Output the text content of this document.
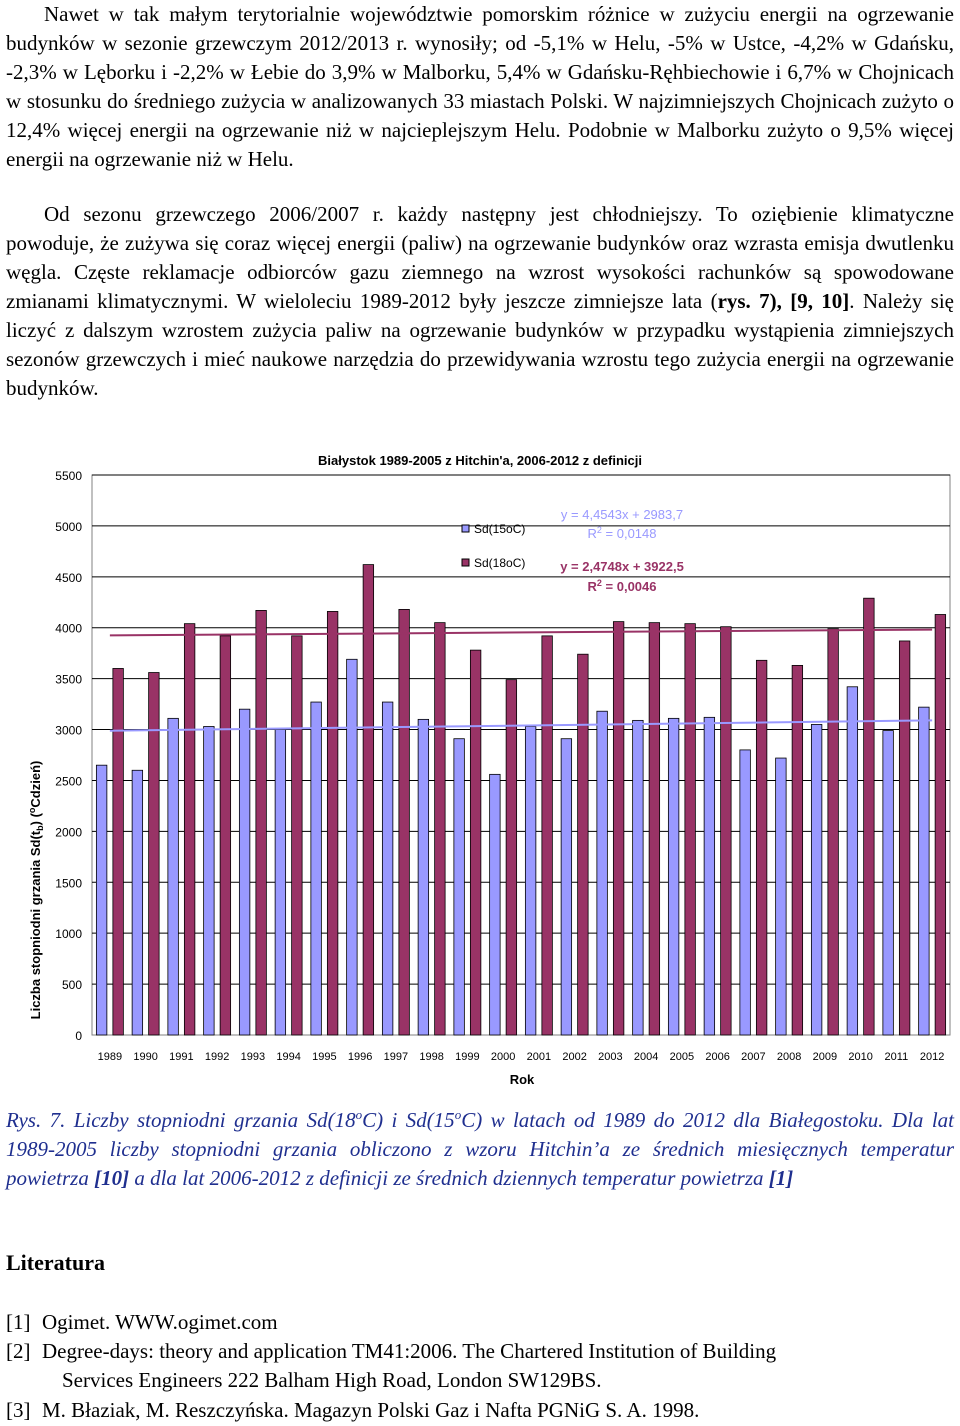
Nawet w tak małym terytorialnie województwie pomorskim różnice w zużyciu energii na ogrzewanie budynków w sezonie grzewczym 2012/2013 r. wynosiły; od -5,1% w Helu, -5% w Ustce, -4,2% w Gdańsku, -2,3% w Lęborku i -2,2% w Łebie do 3,9% w Malborku, 5,4% w Gdańsku-Ręhbiechowie i 6,7% w Chojnicach w stosunku do średniego zużycia w analizowanych 33 miastach Polski. W najzimniejszych Chojnicach zużyto o 12,4% więcej energii na ogrzewanie niż w najcieplejszym Helu. Podobnie w Malborku zużyto o 9,5% więcej energii na ogrzewanie niż w Helu.

Od sezonu grzewczego 2006/2007 r. każdy następny jest chłodniejszy. To oziębienie klimatyczne powoduje, że zużywa się coraz więcej energii (paliw) na ogrzewanie budynków oraz wzrasta emisja dwutlenku węgla. Częste reklamacje odbiorców gazu ziemnego na wzrost wysokości rachunków są spowodowane zmianami klimatycznymi. W wieloleciu 1989-2012 były jeszcze zimniejsze lata (rys. 7), [9, 10]. Należy się liczyć z dalszym wzrostem zużycia paliw na ogrzewanie budynków w przypadku wystąpienia zimniejszych sezonów grzewczych i mieć naukowe narzędzia do przewidywania wzrostu tego zużycia energii na ogrzewanie budynków.

0
500
1000
1500
2000
2500
3000
3500
4000
4500
5000
5500
1989 1990 1991 1992 1993 1994 1995 1996 1997 1998 1999 2000 2001 2002 2003 2004 2005 2006 2007 2008 2009 2010 2011 2012
Białystok 1989-2005 z Hitchin'a, 2006-2012 z definicji
Rok
Liczba stopniodni grzania $Sd(t_b)$ ($^o$Cdzień)
Sd(15oC)
Sd(18oC)
y = 4,4543x + 2983,7
$R^2 = 0,0148$
y = 2,4748x + 3922,5
$R^2 = 0,0046$

Rys. 7. Liczby stopniodni grzania Sd(18$^o$C) i Sd(15$^o$C) w latach od 1989 do 2012 dla Białegostoku. Dla lat 1989-2005 liczby stopniodni grzania obliczono z wzoru Hitchin’a ze średnich miesięcznych temperatur powietrza [10] a dla lat 2006-2012 z definicji ze średnich dziennych temperatur powietrza [1]

Literatura

[1] Ogimet. WWW.ogimet.com

[2] Degree-days: theory and application TM41:2006. The Chartered Institution of Building
Services Engineers 222 Balham High Road, London SW129BS.

[3] M. Błaziak, M. Reszczyńska. Magazyn Polski Gaz i Nafta PGNiG S. A. 1998.
